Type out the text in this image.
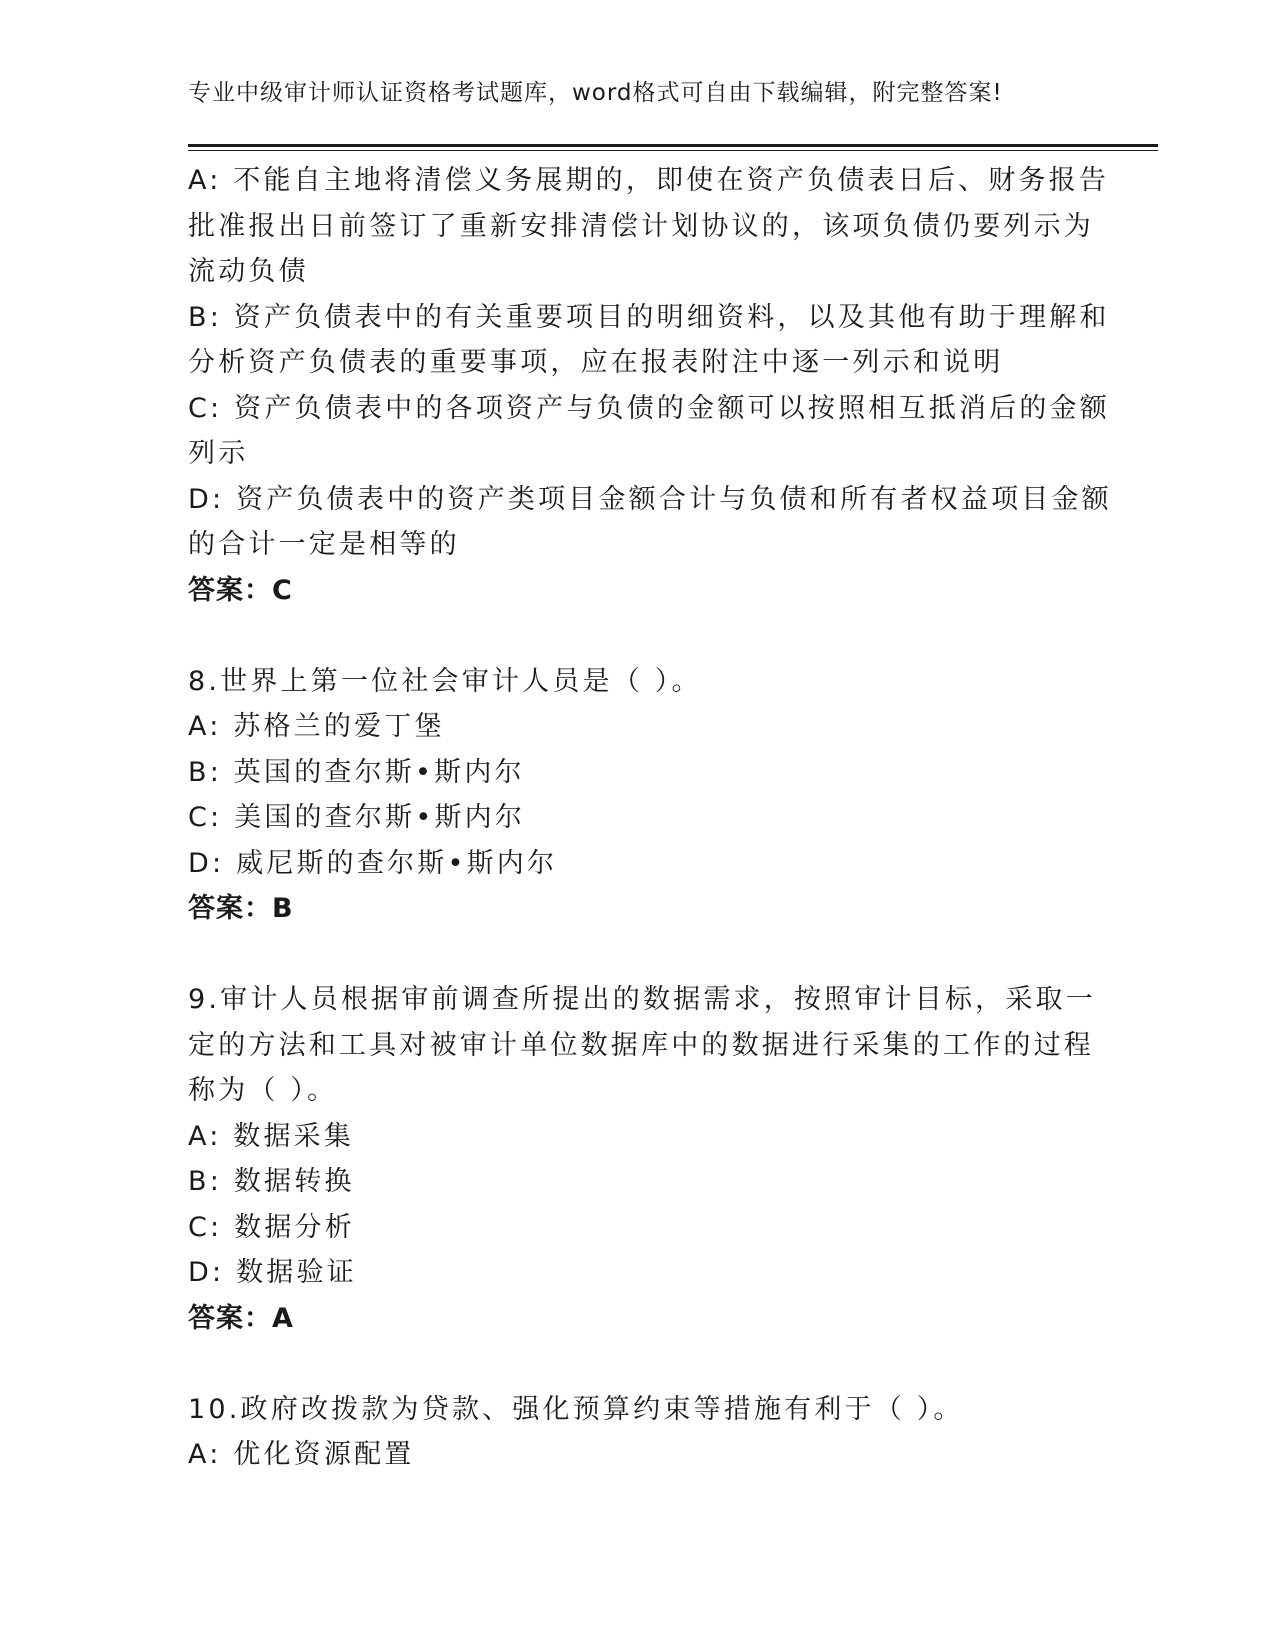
专业中级审计师认证资格考试题库，word格式可自由下载编辑，附完整答案!
A: 不能自主地将清偿义务展期的，即使在资产负债表日后、财务报告
批准报出日前签订了重新安排清偿计划协议的，该项负债仍要列示为
流动负债
B: 资产负债表中的有关重要项目的明细资料，以及其他有助于理解和
分析资产负债表的重要事项，应在报表附注中逐一列示和说明
C: 资产负债表中的各项资产与负债的金额可以按照相互抵消后的金额
列示
D: 资产负债表中的资产类项目金额合计与负债和所有者权益项目金额
的合计一定是相等的
答案：C
8.世界上第一位社会审计人员是（ ）。
A: 苏格兰的爱丁堡
B: 英国的查尔斯•斯内尔
C: 美国的查尔斯•斯内尔
D: 威尼斯的查尔斯•斯内尔
答案：B
9.审计人员根据审前调查所提出的数据需求，按照审计目标，采取一
定的方法和工具对被审计单位数据库中的数据进行采集的工作的过程
称为（ ）。
A: 数据采集
B: 数据转换
C: 数据分析
D: 数据验证
答案：A
10.政府改拨款为贷款、强化预算约束等措施有利于（ ）。
A: 优化资源配置
